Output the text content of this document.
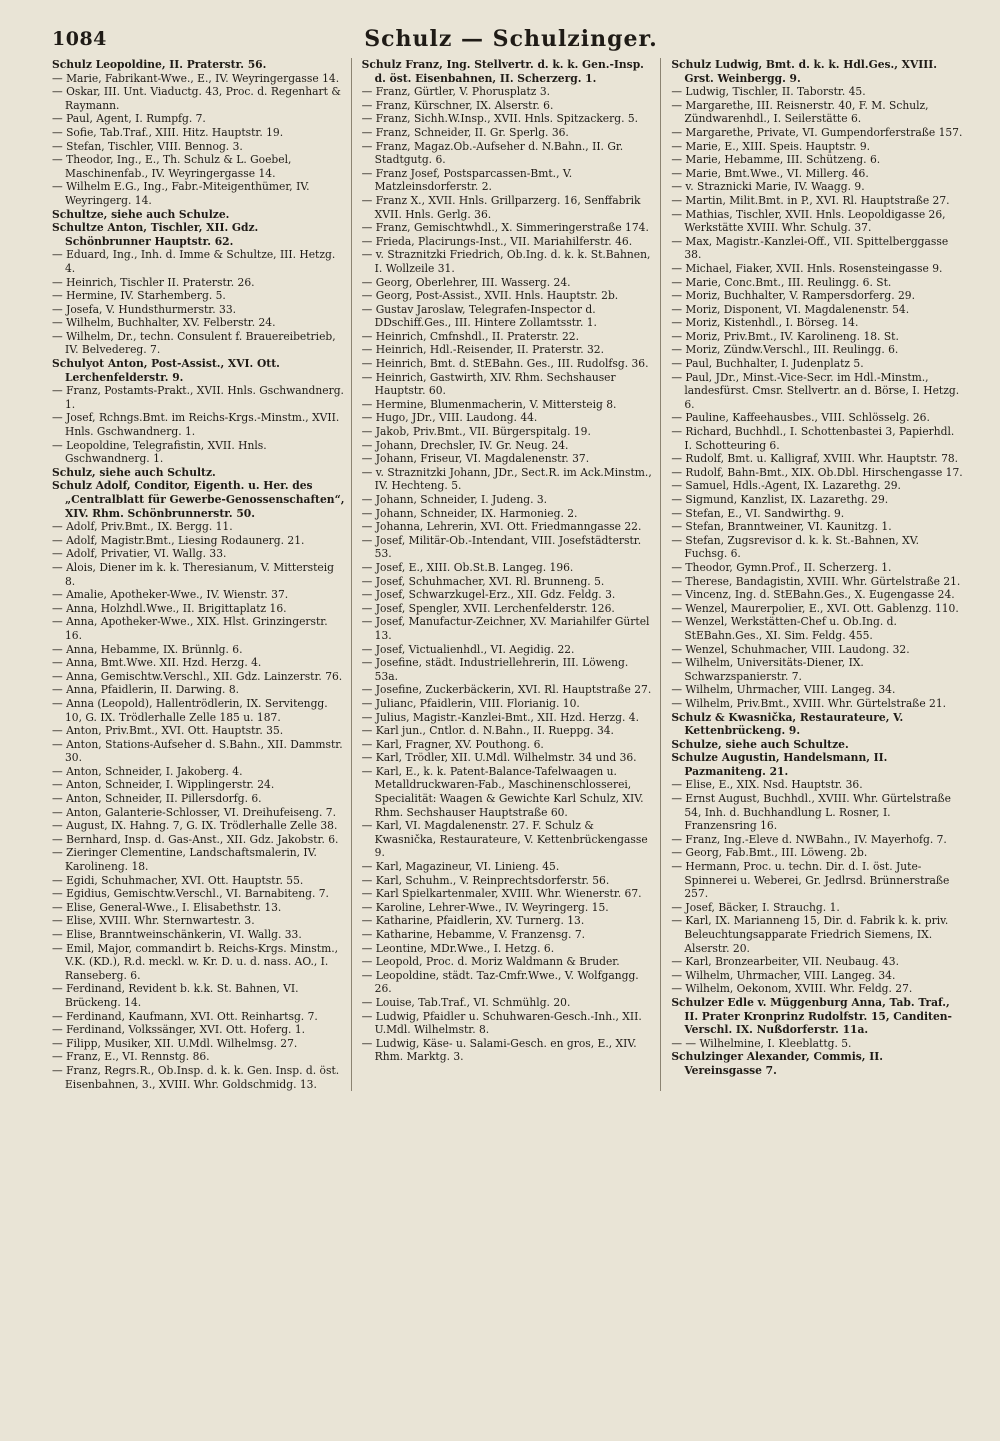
1084	Schulz — Schulzinger.
Schulz Leopoldine, II. Praterstr. 56.
— Marie, Fabrikant-Wwe., E., IV. Weyringergasse 14.
— Oskar, III. Unt. Viaductg. 43, Proc. d. Regenhart & Raymann.
— Paul, Agent, I. Rumpfg. 7.
— Sofie, Tab.Traf., XIII. Hitz. Hauptstr. 19.
— Stefan, Tischler, VIII. Bennog. 3.
— Theodor, Ing., E., Th. Schulz & L. Goebel, Maschinenfab., IV. Weyringergasse 14.
— Wilhelm E.G., Ing., Fabr.-Miteigenthümer, IV. Weyringerg. 14.
Schultze, siehe auch Schulze.
Schultze Anton, Tischler, XII. Gdz. Schönbrunner Hauptstr. 62.
— Eduard, Ing., Inh. d. Imme & Schultze, III. Hetzg. 4.
— Heinrich, Tischler II. Praterstr. 26.
— Hermine, IV. Starhemberg. 5.
— Josefa, V. Hundsthurmerstr. 33.
— Wilhelm, Buchhalter, XV. Felberstr. 24.
— Wilhelm, Dr., techn. Consulent f. Brauereibetrieb, IV. Belvedereg. 7.
Schulyot Anton, Post-Assist., XVI. Ott. Lerchenfelderstr. 9.
— Franz, Postamts-Prakt., XVII. Hnls. Gschwandnerg. 1.
— Josef, Rchngs.Bmt. im Reichs-Krgs.-Minstm., XVII. Hnls. Gschwandnerg. 1.
— Leopoldine, Telegrafistin, XVII. Hnls. Gschwandnerg. 1.
Schulz, siehe auch Schultz.
Schulz Adolf, Conditor, Eigenth. u. Her. des „Centralblatt für Gewerbe-Genossenschaften“, XIV. Rhm. Schönbrunnerstr. 50.
— Adolf, Priv.Bmt., IX. Bergg. 11.
— Adolf, Magistr.Bmt., Liesing Rodaunerg. 21.
— Adolf, Privatier, VI. Wallg. 33.
— Alois, Diener im k. k. Theresianum, V. Mittersteig 8.
— Amalie, Apotheker-Wwe., IV. Wienstr. 37.
— Anna, Holzhdl.Wwe., II. Brigittaplatz 16.
— Anna, Apotheker-Wwe., XIX. Hlst. Grinzingerstr. 16.
— Anna, Hebamme, IX. Brünnlg. 6.
— Anna, Bmt.Wwe. XII. Hzd. Herzg. 4.
— Anna, Gemischtw.Verschl., XII. Gdz. Lainzerstr. 76.
— Anna, Pfaidlerin, II. Darwing. 8.
— Anna (Leopold), Hallentrödlerin, IX. Servitengg. 10, G. IX. Trödlerhalle Zelle 185 u. 187.
— Anton, Priv.Bmt., XVI. Ott. Hauptstr. 35.
— Anton, Stations-Aufseher d. S.Bahn., XII. Dammstr. 30.
— Anton, Schneider, I. Jakoberg. 4.
— Anton, Schneider, I. Wipplingerstr. 24.
— Anton, Schneider, II. Pillersdorfg. 6.
— Anton, Galanterie-Schlosser, VI. Dreihufeiseng. 7.
— August, IX. Hahng. 7, G. IX. Trödlerhalle Zelle 38.
— Bernhard, Insp. d. Gas-Anst., XII. Gdz. Jakobstr. 6.
— Zieringer Clementine, Landschaftsmalerin, IV. Karolineng. 18.
— Egidi, Schuhmacher, XVI. Ott. Hauptstr. 55.
— Egidius, Gemischtw.Verschl., VI. Barnabiteng. 7.
— Elise, General-Wwe., I. Elisabethstr. 13.
— Elise, XVIII. Whr. Sternwartestr. 3.
— Elise, Branntweinschänkerin, VI. Wallg. 33.
— Emil, Major, commandirt b. Reichs-Krgs. Minstm., V.K. (KD.), R.d. meckl. w. Kr. D. u. d. nass. AO., I. Ranseberg. 6.
— Ferdinand, Revident b. k.k. St. Bahnen, VI. Brückeng. 14.
— Ferdinand, Kaufmann, XVI. Ott. Reinhartsg. 7.
— Ferdinand, Volkssänger, XVI. Ott. Hoferg. 1.
— Filipp, Musiker, XII. U.Mdl. Wilhelmsg. 27.
— Franz, E., VI. Rennstg. 86.
— Franz, Regrs.R., Ob.Insp. d. k. k. Gen. Insp. d. öst. Eisenbahnen, 3., XVIII. Whr. Goldschmidg. 13.
Schulz Franz, Ing. Stellvertr. d. k. k. Gen.-Insp. d. öst. Eisenbahnen, II. Scherzerg. 1.
— Franz, Gürtler, V. Phorusplatz 3.
— Franz, Kürschner, IX. Alserstr. 6.
— Franz, Sichh.W.Insp., XVII. Hnls. Spitzackerg. 5.
— Franz, Schneider, II. Gr. Sperlg. 36.
— Franz, Magaz.Ob.-Aufseher d. N.Bahn., II. Gr. Stadtgutg. 6.
— Franz Josef, Postsparcassen-Bmt., V. Matzleinsdorferstr. 2.
— Franz X., XVII. Hnls. Grillparzerg. 16, Senffabrik XVII. Hnls. Gerlg. 36.
— Franz, Gemischtwhdl., X. Simmeringerstraße 174.
— Frieda, Placirungs-Inst., VII. Mariahilferstr. 46.
— v. Straznitzki Friedrich, Ob.Ing. d. k. k. St.Bahnen, I. Wollzeile 31.
— Georg, Oberlehrer, III. Wasserg. 24.
— Georg, Post-Assist., XVII. Hnls. Hauptstr. 2b.
— Gustav Jaroslaw, Telegrafen-Inspector d. DDschiff.Ges., III. Hintere Zollamtsstr. 1.
— Heinrich, Cmfnshdl., II. Praterstr. 22.
— Heinrich, Hdl.-Reisender, II. Praterstr. 32.
— Heinrich, Bmt. d. StEBahn. Ges., III. Rudolfsg. 36.
— Heinrich, Gastwirth, XIV. Rhm. Sechshauser Hauptstr. 60.
— Hermine, Blumenmacherin, V. Mittersteig 8.
— Hugo, JDr., VIII. Laudong. 44.
— Jakob, Priv.Bmt., VII. Bürgerspitalg. 19.
— Johann, Drechsler, IV. Gr. Neug. 24.
— Johann, Friseur, VI. Magdalenenstr. 37.
— v. Straznitzki Johann, JDr., Sect.R. im Ack.Minstm., IV. Hechteng. 5.
— Johann, Schneider, I. Judeng. 3.
— Johann, Schneider, IX. Harmonieg. 2.
— Johanna, Lehrerin, XVI. Ott. Friedmanngasse 22.
— Josef, Militär-Ob.-Intendant, VIII. Josefstädterstr. 53.
— Josef, E., XIII. Ob.St.B. Langeg. 196.
— Josef, Schuhmacher, XVI. Rl. Brunneng. 5.
— Josef, Schwarzkugel-Erz., XII. Gdz. Feldg. 3.
— Josef, Spengler, XVII. Lerchenfelderstr. 126.
— Josef, Manufactur-Zeichner, XV. Mariahilfer Gürtel 13.
— Josef, Victualienhdl., VI. Aegidig. 22.
— Josefine, städt. Industriellehrerin, III. Löweng. 53a.
— Josefine, Zuckerbäckerin, XVI. Rl. Hauptstraße 27.
— Julianc, Pfaidlerin, VIII. Florianig. 10.
— Julius, Magistr.-Kanzlei-Bmt., XII. Hzd. Herzg. 4.
— Karl jun., Cntlor. d. N.Bahn., II. Rueppg. 34.
— Karl, Fragner, XV. Pouthong. 6.
— Karl, Trödler, XII. U.Mdl. Wilhelmstr. 34 und 36.
— Karl, E., k. k. Patent-Balance-Tafelwaagen u. Metalldruckwaren-Fab., Maschinenschlosserei, Specialität: Waagen & Gewichte Karl Schulz, XIV. Rhm. Sechshauser Hauptstraße 60.
— Karl, VI. Magdalenenstr. 27. F. Schulz & Kwasnička, Restaurateure, V. Kettenbrückengasse 9.
— Karl, Magazineur, VI. Linieng. 45.
— Karl, Schuhm., V. Reinprechtsdorferstr. 56.
— Karl Spielkartenmaler, XVIII. Whr. Wienerstr. 67.
— Karoline, Lehrer-Wwe., IV. Weyringerg. 15.
— Katharine, Pfaidlerin, XV. Turnerg. 13.
— Katharine, Hebamme, V. Franzensg. 7.
— Leontine, MDr.Wwe., I. Hetzg. 6.
— Leopold, Proc. d. Moriz Waldmann & Bruder.
— Leopoldine, städt. Taz-Cmfr.Wwe., V. Wolfgangg. 26.
— Louise, Tab.Traf., VI. Schmühlg. 20.
— Ludwig, Pfaidler u. Schuhwaren-Gesch.-Inh., XII. U.Mdl. Wilhelmstr. 8.
— Ludwig, Käse- u. Salami-Gesch. en gros, E., XIV. Rhm. Marktg. 3.
Schulz Ludwig, Bmt. d. k. k. Hdl.Ges., XVIII. Grst. Weinbergg. 9.
— Ludwig, Tischler, II. Taborstr. 45.
— Margarethe, III. Reisnerstr. 40, F. M. Schulz, Zündwarenhdl., I. Seilerstätte 6.
— Margarethe, Private, VI. Gumpendorferstraße 157.
— Marie, E., XIII. Speis. Hauptstr. 9.
— Marie, Hebamme, III. Schützeng. 6.
— Marie, Bmt.Wwe., VI. Millerg. 46.
— v. Straznicki Marie, IV. Waagg. 9.
— Martin, Milit.Bmt. in P., XVI. Rl. Hauptstraße 27.
— Mathias, Tischler, XVII. Hnls. Leopoldigasse 26, Werkstätte XVIII. Whr. Schulg. 37.
— Max, Magistr.-Kanzlei-Off., VII. Spittelberggasse 38.
— Michael, Fiaker, XVII. Hnls. Rosensteingasse 9.
— Marie, Conc.Bmt., III. Reulingg. 6. St.
— Moriz, Buchhalter, V. Rampersdorferg. 29.
— Moriz, Disponent, VI. Magdalenenstr. 54.
— Moriz, Kistenhdl., I. Börseg. 14.
— Moriz, Priv.Bmt., IV. Karolineng. 18. St.
— Moriz, Zündw.Verschl., III. Reulingg. 6.
— Paul, Buchhalter, I. Judenplatz 5.
— Paul, JDr., Minst.-Vice-Secr. im Hdl.-Minstm., landesfürst. Cmsr. Stellvertr. an d. Börse, I. Hetzg. 6.
— Pauline, Kaffeehausbes., VIII. Schlösselg. 26.
— Richard, Buchhdl., I. Schottenbastei 3, Papierhdl. I. Schotteuring 6.
— Rudolf, Bmt. u. Kalligraf, XVIII. Whr. Hauptstr. 78.
— Rudolf, Bahn-Bmt., XIX. Ob.Dbl. Hirschengasse 17.
— Samuel, Hdls.-Agent, IX. Lazarethg. 29.
— Sigmund, Kanzlist, IX. Lazarethg. 29.
— Stefan, E., VI. Sandwirthg. 9.
— Stefan, Branntweiner, VI. Kaunitzg. 1.
— Stefan, Zugsrevisor d. k. k. St.-Bahnen, XV. Fuchsg. 6.
— Theodor, Gymn.Prof., II. Scherzerg. 1.
— Therese, Bandagistin, XVIII. Whr. Gürtelstraße 21.
— Vincenz, Ing. d. StEBahn.Ges., X. Eugengasse 24.
— Wenzel, Maurerpolier, E., XVI. Ott. Gablenzg. 110.
— Wenzel, Werkstätten-Chef u. Ob.Ing. d. StEBahn.Ges., XI. Sim. Feldg. 455.
— Wenzel, Schuhmacher, VIII. Laudong. 32.
— Wilhelm, Universitäts-Diener, IX. Schwarzspanierstr. 7.
— Wilhelm, Uhrmacher, VIII. Langeg. 34.
— Wilhelm, Priv.Bmt., XVIII. Whr. Gürtelstraße 21.
Schulz & Kwasnička, Restaurateure, V. Kettenbrückeng. 9.
Schulze, siehe auch Schultze.
Schulze Augustin, Handelsmann, II. Pazmaniteng. 21.
— Elise, E., XIX. Nsd. Hauptstr. 36.
— Ernst August, Buchhdl., XVIII. Whr. Gürtelstraße 54, Inh. d. Buchhandlung L. Rosner, I. Franzensring 16.
— Franz, Ing.-Eleve d. NWBahn., IV. Mayerhofg. 7.
— Georg, Fab.Bmt., III. Löweng. 2b.
— Hermann, Proc. u. techn. Dir. d. I. öst. Jute-Spinnerei u. Weberei, Gr. Jedlrsd. Brünnerstraße 257.
— Josef, Bäcker, I. Strauchg. 1.
— Karl, IX. Marianneng 15, Dir. d. Fabrik k. k. priv. Beleuchtungsapparate Friedrich Siemens, IX. Alserstr. 20.
— Karl, Bronzearbeiter, VII. Neubaug. 43.
— Wilhelm, Uhrmacher, VIII. Langeg. 34.
— Wilhelm, Oekonom, XVIII. Whr. Feldg. 27.
Schulzer Edle v. Müggenburg Anna, Tab. Traf., II. Prater Kronprinz Rudolfstr. 15, Canditen-Verschl. IX. Nußdorferstr. 11a.
— — Wilhelmine, I. Kleeblattg. 5.
Schulzinger Alexander, Commis, II. Vereinsgasse 7.
